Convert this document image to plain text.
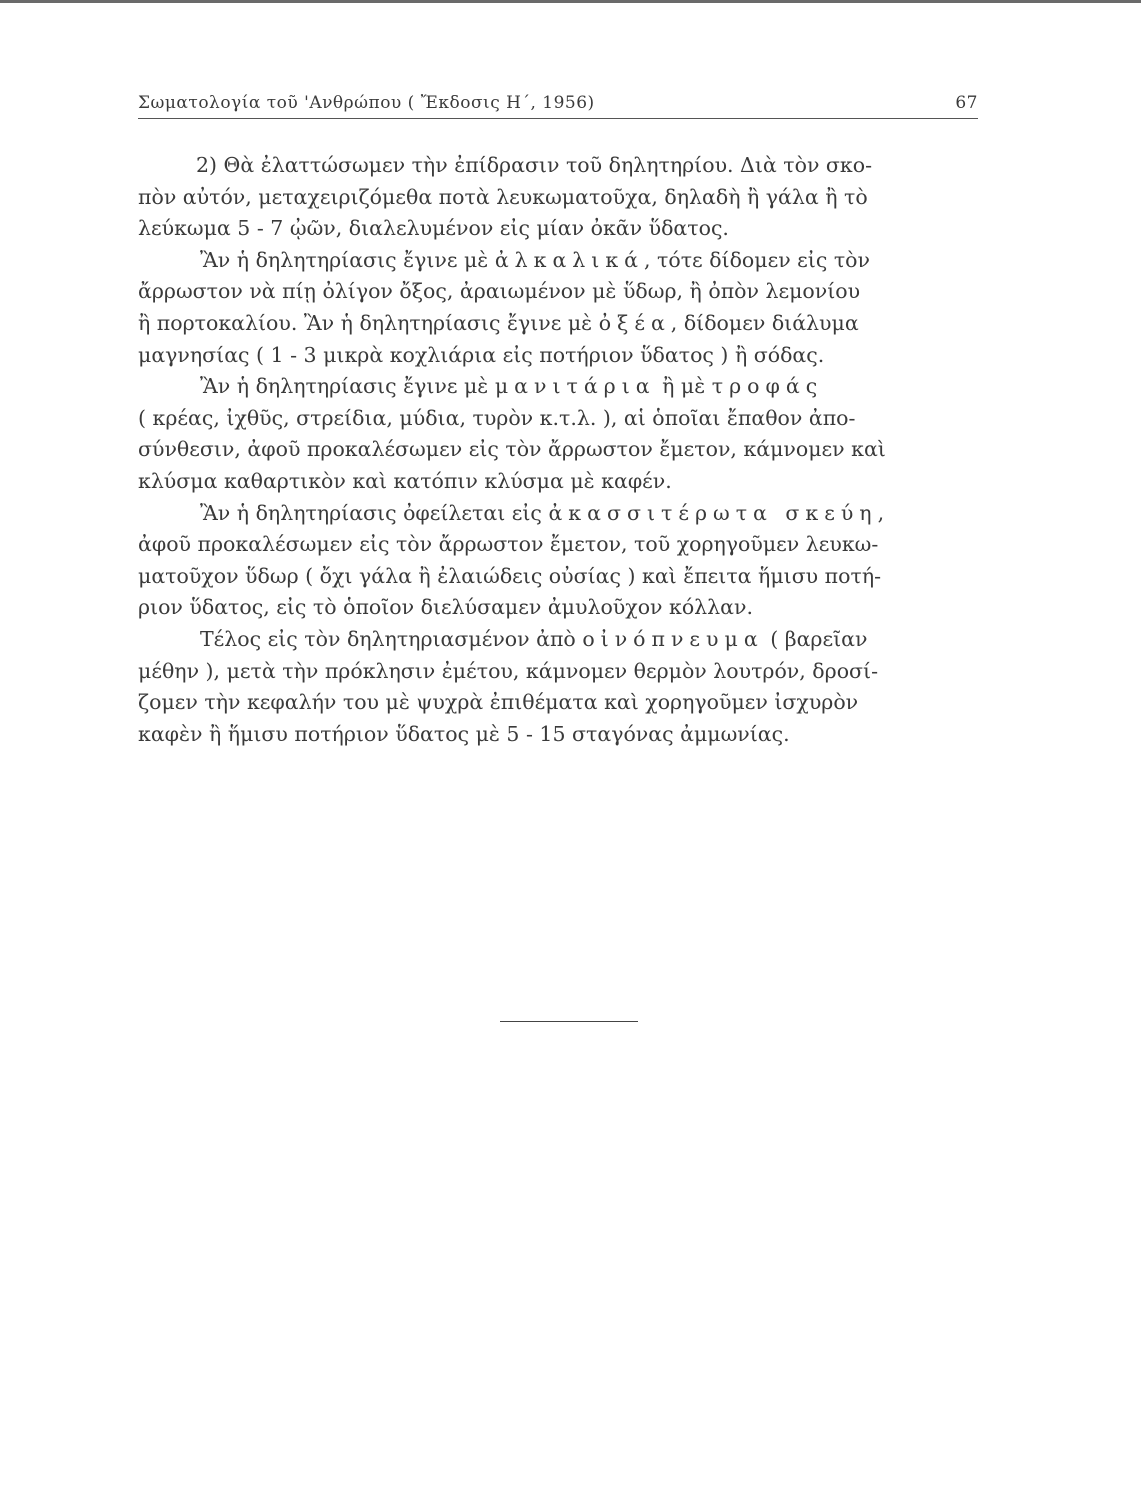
Σωματολογία τοῦ 'Ανθρώπου ( Ἔκδοσις Η΄, 1956)	67
2) Θὰ ἐλαττώσωμεν τὴν ἐπίδρασιν τοῦ δηλητηρίου. Διὰ τὸν σκο-
πὸν αὐτόν, μεταχειριζόμεθα ποτὰ λευκωματοῦχα, δηλαδὴ ἢ γάλα ἢ τὸ
λεύκωμα 5 - 7 ᾠῶν, διαλελυμένον εἰς μίαν ὀκᾶν ὕδατος.
Ἂν ἡ δηλητηρίασις ἔγινε μὲ ἀλκαλικά, τότε δίδομεν εἰς τὸν
ἄρρωστον νὰ πίῃ ὀλίγον ὄξος, ἀραιωμένον μὲ ὕδωρ, ἢ ὀπὸν λεμονίου
ἢ πορτοκαλίου. Ἂν ἡ δηλητηρίασις ἔγινε μὲ ὀξέα, δίδομεν διάλυμα
μαγνησίας ( 1 - 3 μικρὰ κοχλιάρια εἰς ποτήριον ὕδατος ) ἢ σόδας.
Ἂν ἡ δηλητηρίασις ἔγινε μὲ μανιτάρια ἢ μὲ τροφάς
( κρέας, ἰχθῦς, στρείδια, μύδια, τυρὸν κ.τ.λ. ), αἱ ὁποῖαι ἔπαθον ἀπο-
σύνθεσιν, ἀφοῦ προκαλέσωμεν εἰς τὸν ἄρρωστον ἔμετον, κάμνομεν καὶ
κλύσμα καθαρτικὸν καὶ κατόπιν κλύσμα μὲ καφέν.
Ἂν ἡ δηλητηρίασις ὀφείλεται εἰς ἀκασσιτέρωτα σκεύη,
ἀφοῦ προκαλέσωμεν εἰς τὸν ἄρρωστον ἔμετον, τοῦ χορηγοῦμεν λευκω-
ματοῦχον ὕδωρ ( ὄχι γάλα ἢ ἐλαιώδεις οὐσίας ) καὶ ἔπειτα ἥμισυ ποτή-
ριον ὕδατος, εἰς τὸ ὁποῖον διελύσαμεν ἀμυλοῦχον κόλλαν.
Τέλος εἰς τὸν δηλητηριασμένον ἀπὸ οἰνόπνευμα ( βαρεῖαν
μέθην ), μετὰ τὴν πρόκλησιν ἐμέτου, κάμνομεν θερμὸν λουτρόν, δροσί-
ζομεν τὴν κεφαλήν του μὲ ψυχρὰ ἐπιθέματα καὶ χορηγοῦμεν ἰσχυρὸν
καφὲν ἢ ἥμισυ ποτήριον ὕδατος μὲ 5 - 15 σταγόνας ἀμμωνίας.
